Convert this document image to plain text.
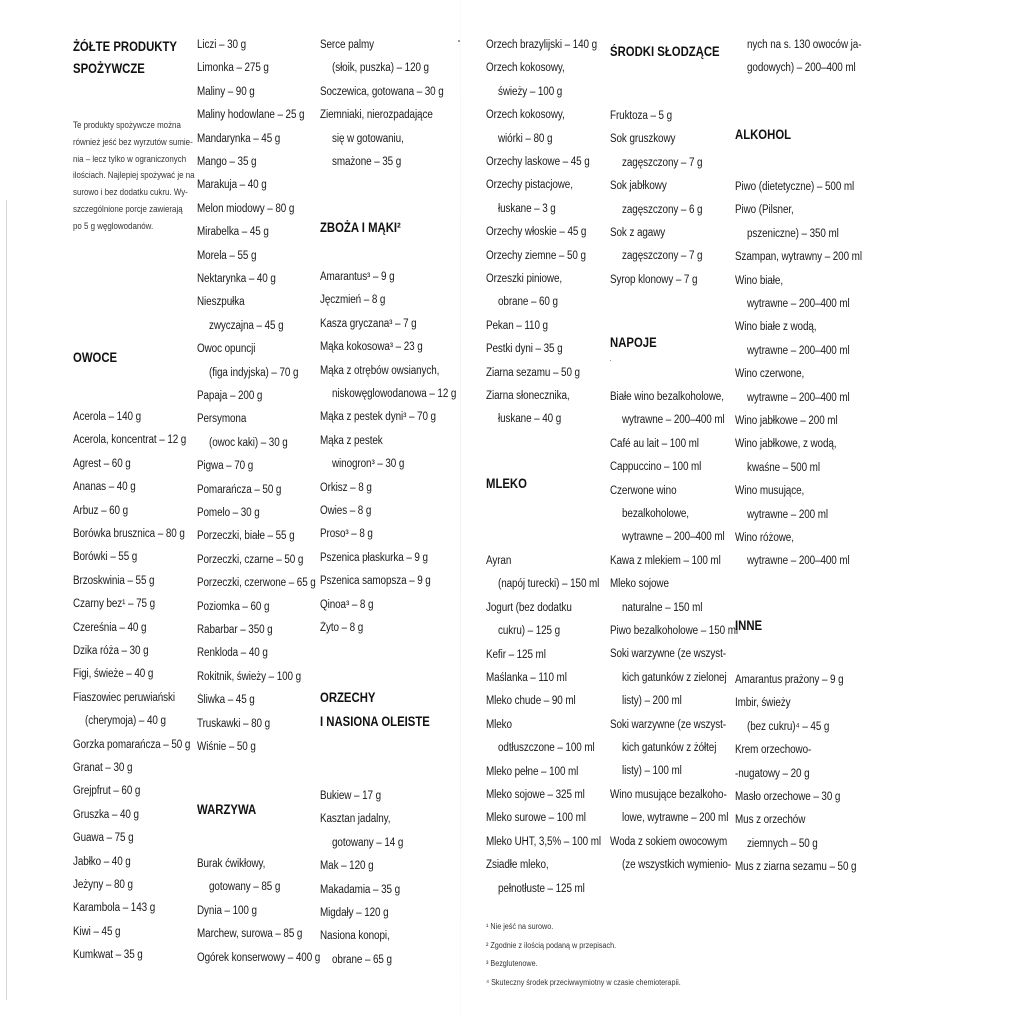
ŻÓŁTE PRODUKTY
SPOŻYWCZE
Te produkty spożywcze można
również jeść bez wyrzutów sumie-
nia – lecz tylko w ograniczonych
ilościach. Najlepiej spożywać je na
surowo i bez dodatku cukru. Wy-
szczególnione porcje zawierają
po 5 g węglowodanów.
OWOCE
Acerola – 140 g
Acerola, koncentrat – 12 g
Agrest – 60 g
Ananas – 40 g
Arbuz – 60 g
Borówka brusznica – 80 g
Borówki – 55 g
Brzoskwinia – 55 g
Czarny bez¹ – 75 g
Czereśnia – 40 g
Dzika róża – 30 g
Figi, świeże – 40 g
Fiaszowiec peruwiański
(cherymoja) – 40 g
Gorzka pomarańcza – 50 g
Granat – 30 g
Grejpfrut – 60 g
Gruszka – 40 g
Guawa – 75 g
Jabłko – 40 g
Jeżyny – 80 g
Karambola – 143 g
Kiwi – 45 g
Kumkwat – 35 g
Liczi – 30 g
Limonka – 275 g
Maliny – 90 g
Maliny hodowlane – 25 g
Mandarynka – 45 g
Mango – 35 g
Marakuja – 40 g
Melon miodowy – 80 g
Mirabelka – 45 g
Morela – 55 g
Nektarynka – 40 g
Nieszpułka
zwyczajna – 45 g
Owoc opuncji
(figa indyjska) – 70 g
Papaja – 200 g
Persymona
(owoc kaki) – 30 g
Pigwa – 70 g
Pomarańcza – 50 g
Pomelo – 30 g
Porzeczki, białe – 55 g
Porzeczki, czarne – 50 g
Porzeczki, czerwone – 65 g
Poziomka – 60 g
Rabarbar – 350 g
Renkloda – 40 g
Rokitnik, świeży – 100 g
Śliwka – 45 g
Truskawki – 80 g
Wiśnie – 50 g
WARZYWA
Burak ćwikłowy,
gotowany – 85 g
Dynia – 100 g
Marchew, surowa – 85 g
Ogórek konserwowy – 400 g
Serce palmy
(słoik, puszka) – 120 g
Soczewica, gotowana – 30 g
Ziemniaki, nierozpadające
się w gotowaniu,
smażone – 35 g
ZBOŻA I MĄKI²
Amarantus³ – 9 g
Jęczmień – 8 g
Kasza gryczana³ – 7 g
Mąka kokosowa³ – 23 g
Mąka z otrębów owsianych,
niskowęglowodanowa – 12 g
Mąka z pestek dyni³ – 70 g
Mąka z pestek
winogron³ – 30 g
Orkisz – 8 g
Owies – 8 g
Proso³ – 8 g
Pszenica płaskurka – 9 g
Pszenica samopsza – 9 g
Qinoa³ – 8 g
Żyto – 8 g
ORZECHY
I NASIONA OLEISTE
Bukiew – 17 g
Kasztan jadalny,
gotowany – 14 g
Mak – 120 g
Makadamia – 35 g
Migdały – 120 g
Nasiona konopi,
obrane – 65 g
Orzech brazylijski – 140 g
Orzech kokosowy,
świeży – 100 g
Orzech kokosowy,
wiórki – 80 g
Orzechy laskowe – 45 g
Orzechy pistacjowe,
łuskane – 3 g
Orzechy włoskie – 45 g
Orzechy ziemne – 50 g
Orzeszki piniowe,
obrane – 60 g
Pekan – 110 g
Pestki dyni – 35 g
Ziarna sezamu – 50 g
Ziarna słonecznika,
łuskane – 40 g
MLEKO
Ayran
(napój turecki) – 150 ml
Jogurt (bez dodatku
cukru) – 125 g
Kefir – 125 ml
Maślanka – 110 ml
Mleko chude – 90 ml
Mleko
odtłuszczone – 100 ml
Mleko pełne – 100 ml
Mleko sojowe – 325 ml
Mleko surowe – 100 ml
Mleko UHT, 3,5% – 100 ml
Zsiadłe mleko,
pełnotłuste – 125 ml
¹ Nie jeść na surowo.
² Zgodnie z ilością podaną w przepisach.
³ Bezglutenowe.
⁴ Skuteczny środek przeciwwymiotny w czasie chemioterapii.
ŚRODKI SŁODZĄCE
Fruktoza – 5 g
Sok gruszkowy
zagęszczony – 7 g
Sok jabłkowy
zagęszczony – 6 g
Sok z agawy
zagęszczony – 7 g
Syrop klonowy – 7 g
NAPOJE
Białe wino bezalkoholowe,
wytrawne – 200–400 ml
Café au lait – 100 ml
Cappuccino – 100 ml
Czerwone wino
bezalkoholowe,
wytrawne – 200–400 ml
Kawa z mlekiem – 100 ml
Mleko sojowe
naturalne – 150 ml
Piwo bezalkoholowe – 150 ml
Soki warzywne (ze wszyst-
kich gatunków z zielonej
listy) – 200 ml
Soki warzywne (ze wszyst-
kich gatunków z żółtej
listy) – 100 ml
Wino musujące bezalkoho-
lowe, wytrawne – 200 ml
Woda z sokiem owocowym
(ze wszystkich wymienio-
nych na s. 130 owoców ja-
godowych) – 200–400 ml
ALKOHOL
Piwo (dietetyczne) – 500 ml
Piwo (Pilsner,
pszeniczne) – 350 ml
Szampan, wytrawny – 200 ml
Wino białe,
wytrawne – 200–400 ml
Wino białe z wodą,
wytrawne – 200–400 ml
Wino czerwone,
wytrawne – 200–400 ml
Wino jabłkowe – 200 ml
Wino jabłkowe, z wodą,
kwaśne – 500 ml
Wino musujące,
wytrawne – 200 ml
Wino różowe,
wytrawne – 200–400 ml
INNE
Amarantus prażony – 9 g
Imbir, świeży
(bez cukru)⁴ – 45 g
Krem orzechowo-
-nugatowy – 20 g
Masło orzechowe – 30 g
Mus z orzechów
ziemnych – 50 g
Mus z ziarna sezamu – 50 g
